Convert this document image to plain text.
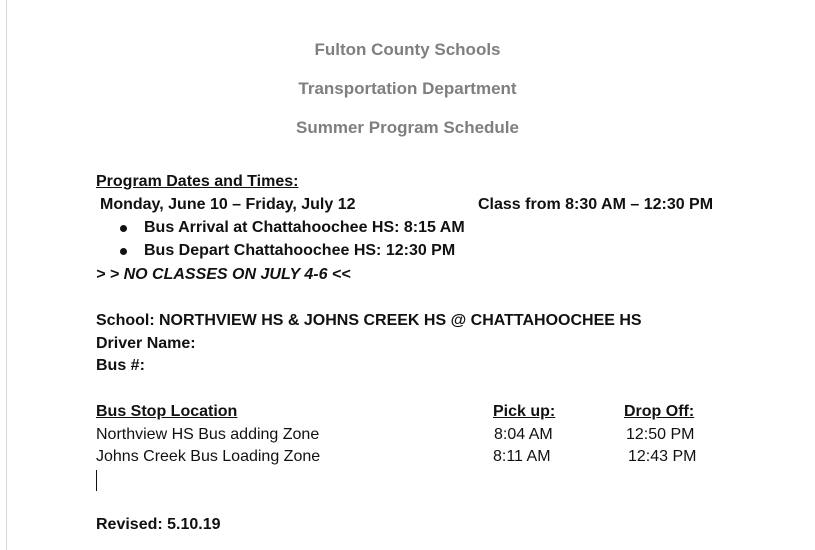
Fulton County Schools
Transportation Department
Summer Program Schedule
Program Dates and Times:
Monday, June 10 – Friday, July 12	Class from 8:30 AM – 12:30 PM
Bus Arrival at Chattahoochee HS: 8:15 AM
Bus Depart Chattahoochee HS: 12:30 PM
> > NO CLASSES ON JULY 4-6 <<
School: NORTHVIEW HS & JOHNS CREEK HS @ CHATTAHOOCHEE HS
Driver Name:
Bus #:
Bus Stop Location	Pick up:	Drop Off:
Northview HS Bus adding Zone	8:04 AM	12:50 PM
Johns Creek Bus Loading Zone	8:11 AM	12:43 PM
Revised: 5.10.19
